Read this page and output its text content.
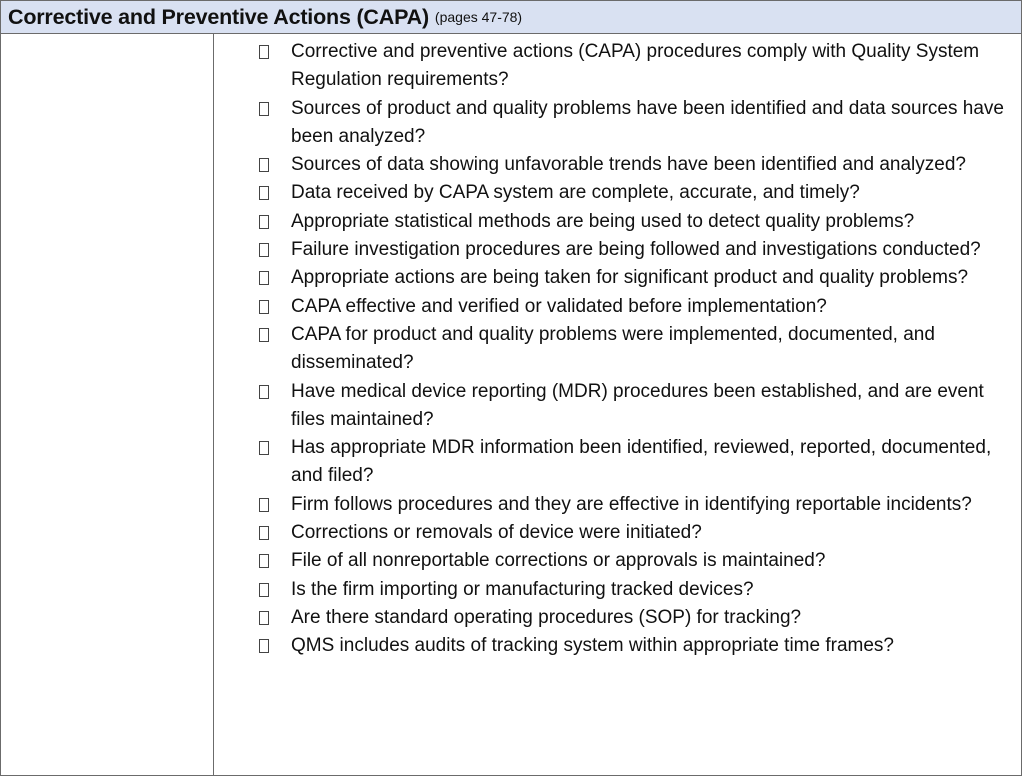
Corrective and Preventive Actions (CAPA) (pages 47-78)
Corrective and preventive actions (CAPA) procedures comply with Quality System Regulation requirements?
Sources of product and quality problems have been identified and data sources have been analyzed?
Sources of data showing unfavorable trends have been identified and analyzed?
Data received by CAPA system are complete, accurate, and timely?
Appropriate statistical methods are being used to detect quality problems?
Failure investigation procedures are being followed and investigations conducted?
Appropriate actions are being taken for significant product and quality problems?
CAPA effective and verified or validated before implementation?
CAPA for product and quality problems were implemented, documented, and disseminated?
Have medical device reporting (MDR) procedures been established, and are event files maintained?
Has appropriate MDR information been identified, reviewed, reported, documented, and filed?
Firm follows procedures and they are effective in identifying reportable incidents?
Corrections or removals of device were initiated?
File of all nonreportable corrections or approvals is maintained?
Is the firm importing or manufacturing tracked devices?
Are there standard operating procedures (SOP) for tracking?
QMS includes audits of tracking system within appropriate time frames?
